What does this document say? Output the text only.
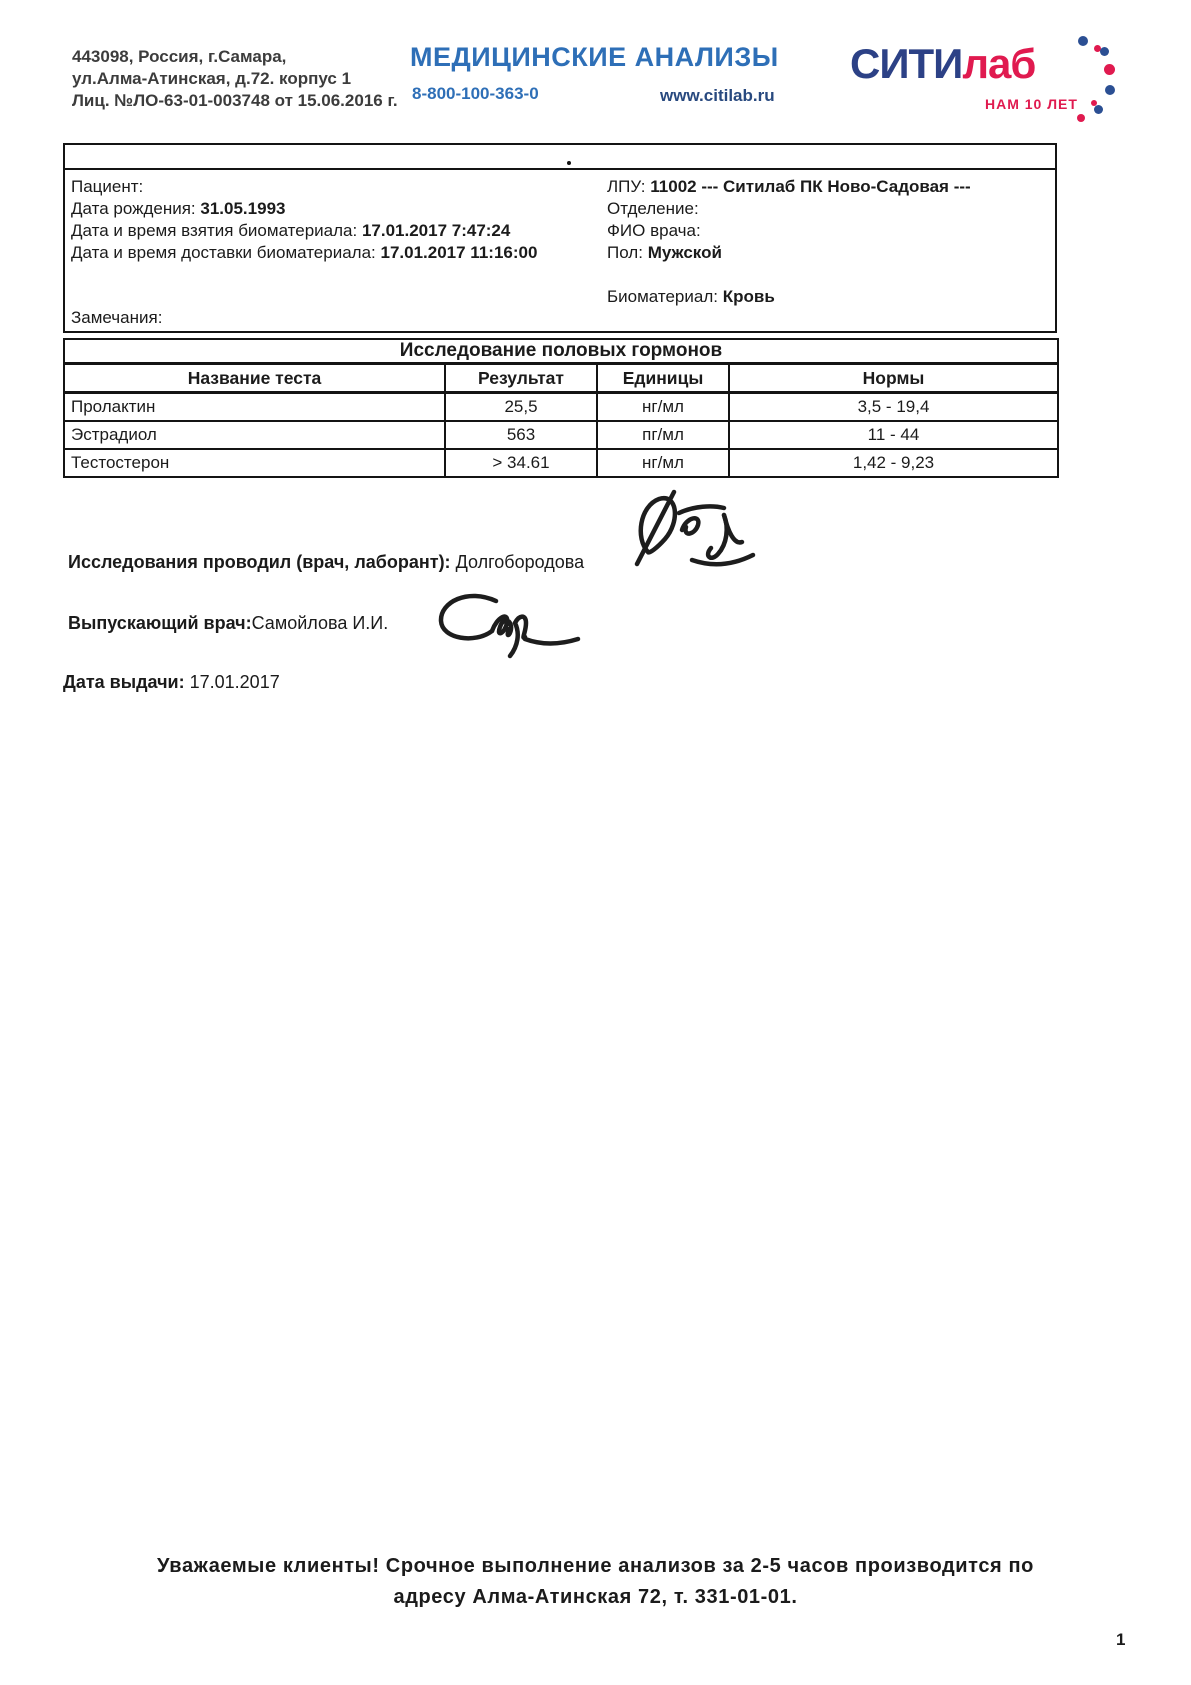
443098, Россия, г.Самара,
ул.Алма-Атинская, д.72. корпус 1
Лиц. №ЛО-63-01-003748 от 15.06.2016 г.
МЕДИЦИНСКИЕ АНАЛИЗЫ
8-800-100-363-0	www.citilab.ru
СИТИлаб
НАМ 10 ЛЕТ
Пациент:
Дата рождения: 31.05.1993
Дата и время взятия биоматериала: 17.01.2017 7:47:24
Дата и время доставки биоматериала: 17.01.2017 11:16:00
ЛПУ: 11002 --- Ситилаб ПК Ново-Садовая ---
Отделение:
ФИО врача:
Пол: Мужской
Биоматериал: Кровь
Замечания:
Исследование половых гормонов			
Название теста	Результат	Единицы	Нормы
Пролактин	25,5	нг/мл	3,5 - 19,4
Эстрадиол	563	пг/мл	11 - 44
Тестостерон	> 34.61	нг/мл	1,42 - 9,23
Исследования проводил (врач, лаборант): Долгобородова
Выпускающий врач:Самойлова И.И.
Дата выдачи: 17.01.2017
Уважаемые клиенты! Срочное выполнение анализов за 2-5 часов производится по
адресу Алма-Атинская 72, т. 331-01-01.
1
